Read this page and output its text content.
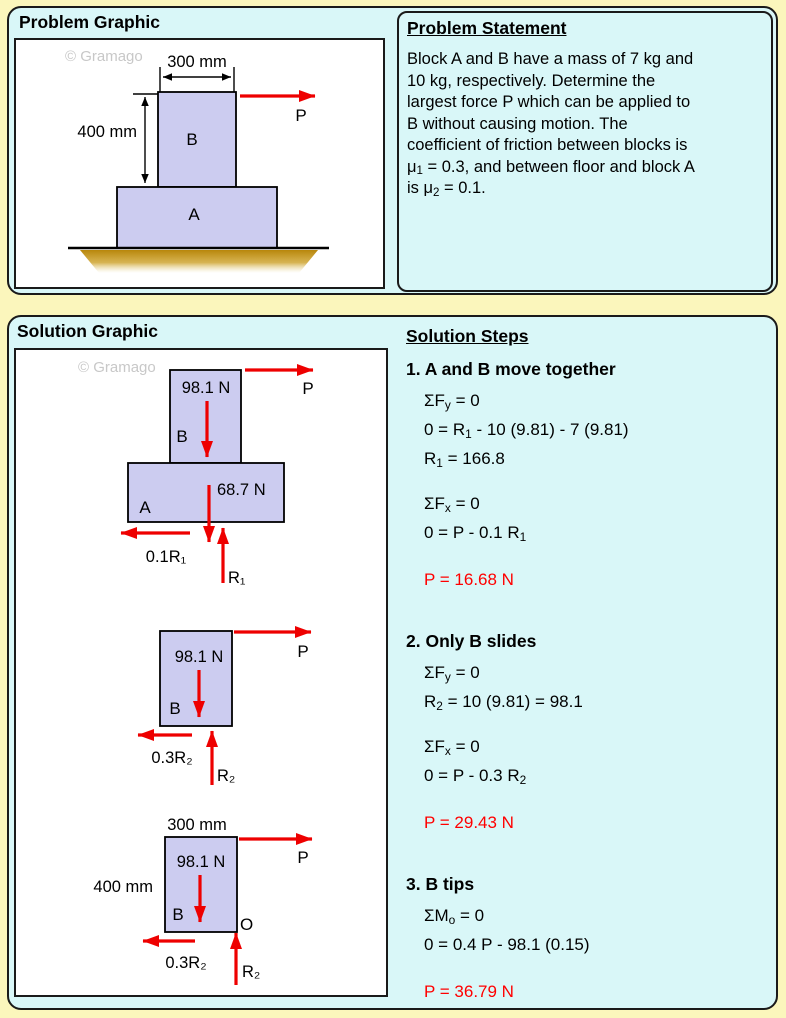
Problem Graphic
© Gramago 300 mm
400 mm	B
A
P
Problem Statement
Block A and B have a mass of 7 kg and
10 kg, respectively. Determine the
largest force P which can be applied to
B without causing motion. The
coefficient of friction between blocks is
$\mu_1 = 0.3$, and between floor and block A
is $\mu_2 = 0.1$.
Solution Graphic
© Gramago
98.1 N
B
P
A
68.7 N
0.1R₁
R₁
98.1 N
B
P
0.3R₂
R₂
300 mm
98.1 N
B
400 mm
O
P
0.3R₂ R₂
Solution Steps
1. A and B move together
$\Sigma F_y = 0$
$0 = R_1 - 10$ (9.81) - 7 (9.81)
$R_1 = 166.8$
$\Sigma F_x = 0$
0 = P - 0.1 $R_1$
P = 16.68 N
2. Only B slides
$\Sigma F_y = 0$
$R_2 = 10$ (9.81) = 98.1
$\Sigma F_x = 0$
0 = P - 0.3 $R_2$
P = 29.43 N
3. B tips
$\Sigma M_o = 0$
0 = 0.4 P - 98.1 (0.15)
P = 36.79 N
